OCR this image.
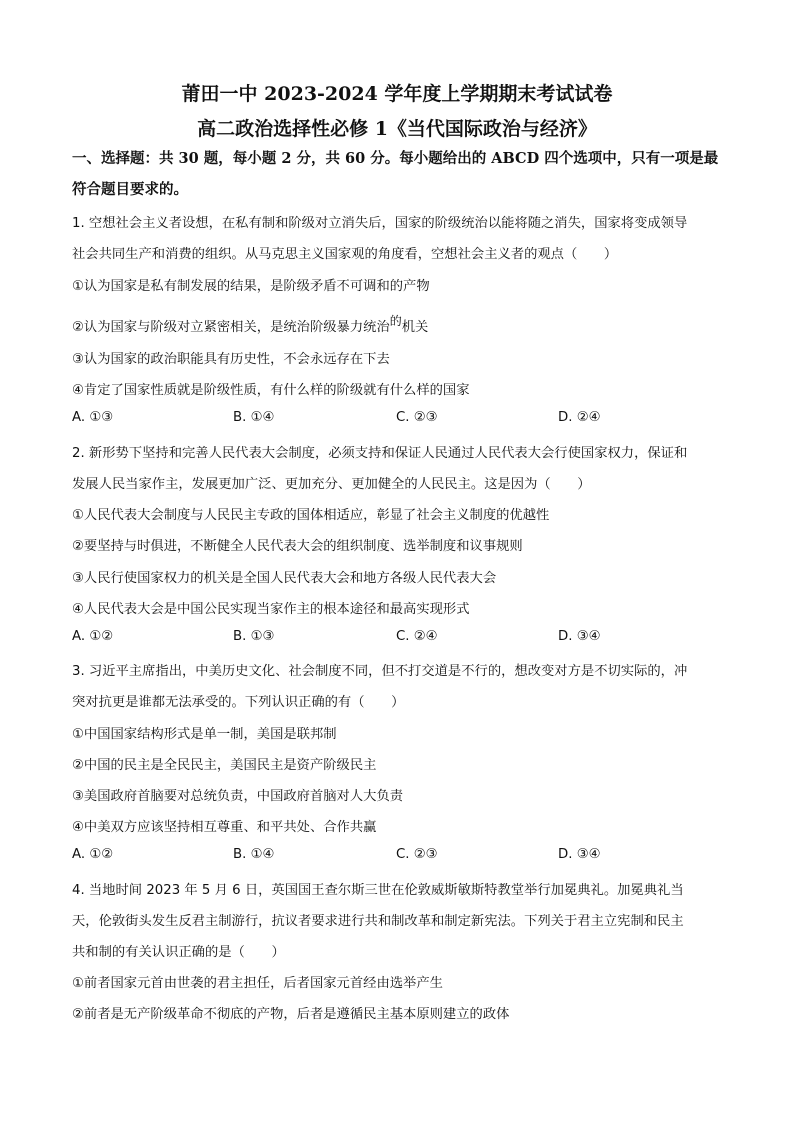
莆田一中 2023-2024 学年度上学期期末考试试卷
高二政治选择性必修 1《当代国际政治与经济》
一、选择题：共 30 题，每小题 2 分，共 60 分。每小题给出的 ABCD 四个选项中，只有一项是最符合题目要求的。
1. 空想社会主义者设想，在私有制和阶级对立消失后，国家的阶级统治以能将随之消失，国家将变成领导
社会共同生产和消费的组织。从马克思主义国家观的角度看，空想社会主义者的观点（　　）
①认为国家是私有制发展的结果，是阶级矛盾不可调和的产物
②认为国家与阶级对立紧密相关，是统治阶级暴力统治的机关
③认为国家的政治职能具有历史性，不会永远存在下去
④肯定了国家性质就是阶级性质，有什么样的阶级就有什么样的国家
A. ①③	B. ①④	C. ②③	D. ②④
2. 新形势下坚持和完善人民代表大会制度，必须支持和保证人民通过人民代表大会行使国家权力，保证和
发展人民当家作主，发展更加广泛、更加充分、更加健全的人民民主。这是因为（　　）
①人民代表大会制度与人民民主专政的国体相适应，彰显了社会主义制度的优越性
②要坚持与时俱进，不断健全人民代表大会的组织制度、选举制度和议事规则
③人民行使国家权力的机关是全国人民代表大会和地方各级人民代表大会
④人民代表大会是中国公民实现当家作主的根本途径和最高实现形式
A. ①②	B. ①③	C. ②④	D. ③④
3. 习近平主席指出，中美历史文化、社会制度不同，但不打交道是不行的，想改变对方是不切实际的，冲
突对抗更是谁都无法承受的。下列认识正确的有（　　）
①中国国家结构形式是单一制，美国是联邦制
②中国的民主是全民民主，美国民主是资产阶级民主
③美国政府首脑要对总统负责，中国政府首脑对人大负责
④中美双方应该坚持相互尊重、和平共处、合作共赢
A. ①②	B. ①④	C. ②③	D. ③④
4. 当地时间 2023 年 5 月 6 日，英国国王查尔斯三世在伦敦威斯敏斯特教堂举行加冕典礼。加冕典礼当
天，伦敦街头发生反君主制游行，抗议者要求进行共和制改革和制定新宪法。下列关于君主立宪制和民主
共和制的有关认识正确的是（　　）
①前者国家元首由世袭的君主担任，后者国家元首经由选举产生
②前者是无产阶级革命不彻底的产物，后者是遵循民主基本原则建立的政体
